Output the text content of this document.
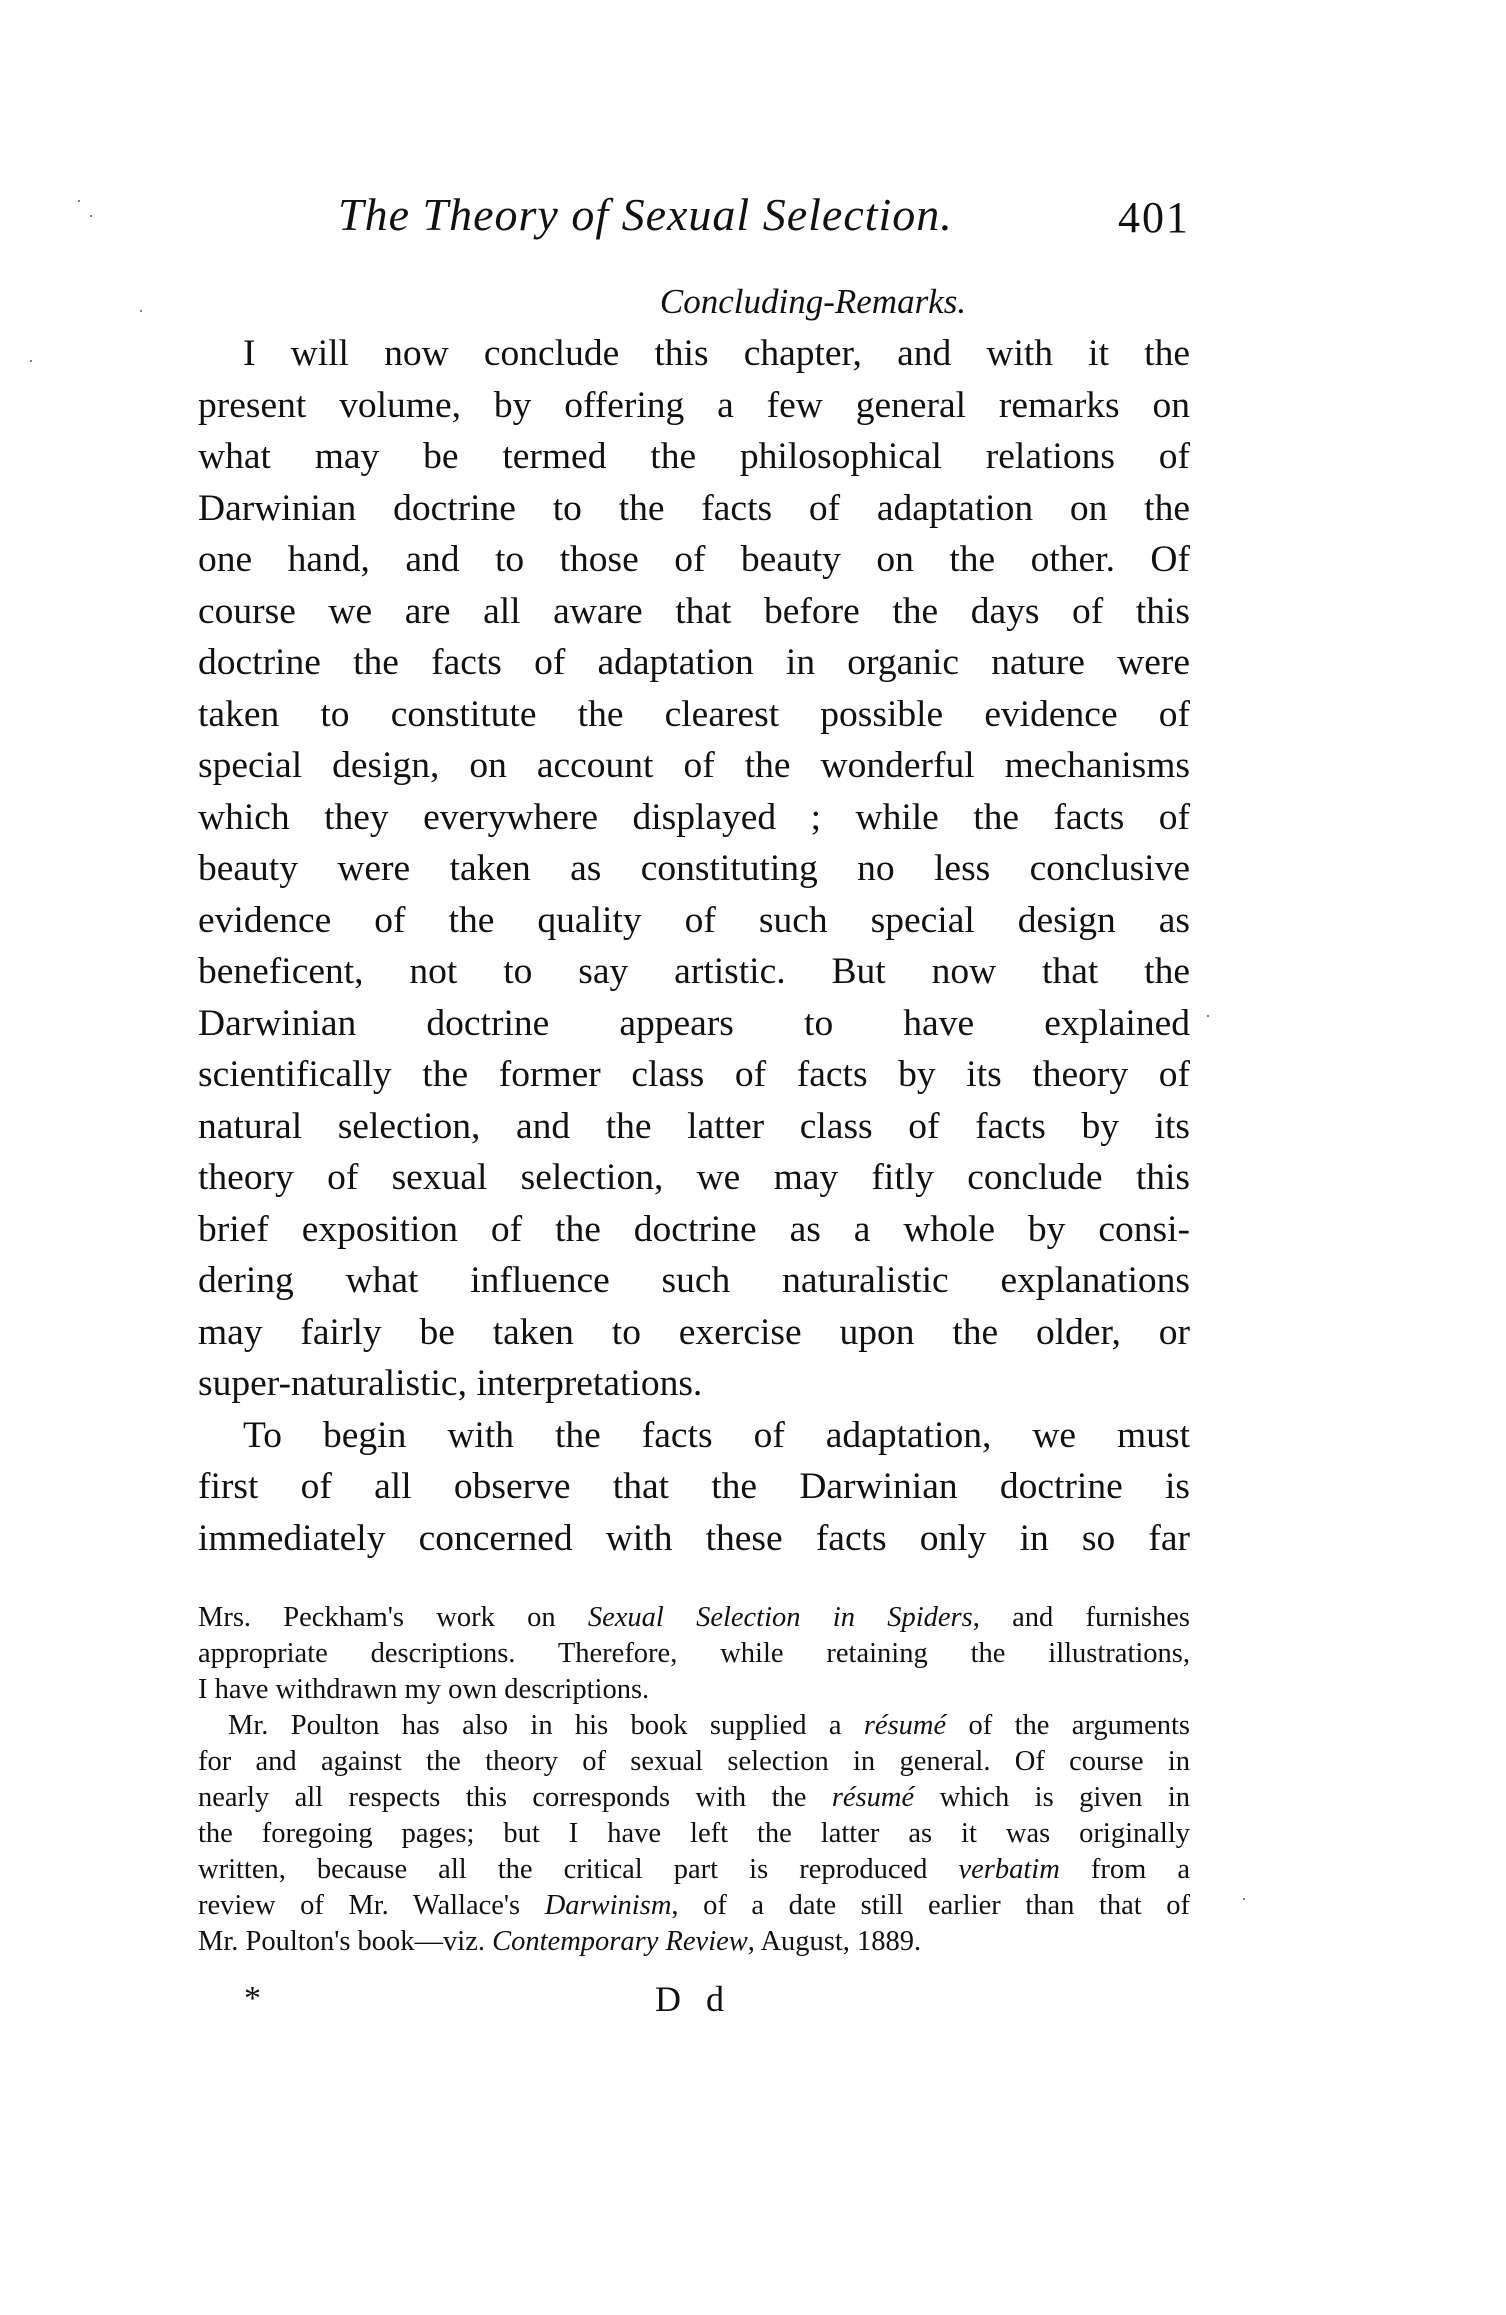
The Theory of Sexual Selection.	401
Concluding-Remarks.
I will now conclude this chapter, and with it the
present volume, by offering a few general remarks on
what may be termed the philosophical relations of
Darwinian doctrine to the facts of adaptation on the
one hand, and to those of beauty on the other. Of
course we are all aware that before the days of this
doctrine the facts of adaptation in organic nature were
taken to constitute the clearest possible evidence of
special design, on account of the wonderful mechanisms
which they everywhere displayed ; while the facts of
beauty were taken as constituting no less conclusive
evidence of the quality of such special design as
beneficent, not to say artistic. But now that the
Darwinian doctrine appears to have explained
scientifically the former class of facts by its theory of
natural selection, and the latter class of facts by its
theory of sexual selection, we may fitly conclude this
brief exposition of the doctrine as a whole by consi-
dering what influence such naturalistic explanations
may fairly be taken to exercise upon the older, or
super-naturalistic, interpretations.
To begin with the facts of adaptation, we must
first of all observe that the Darwinian doctrine is
immediately concerned with these facts only in so far
Mrs. Peckham's work on Sexual Selection in Spiders, and furnishes
appropriate descriptions. Therefore, while retaining the illustrations,
I have withdrawn my own descriptions.
Mr. Poulton has also in his book supplied a résumé of the arguments
for and against the theory of sexual selection in general. Of course in
nearly all respects this corresponds with the résumé which is given in
the foregoing pages; but I have left the latter as it was originally
written, because all the critical part is reproduced verbatim from a
review of Mr. Wallace's Darwinism, of a date still earlier than that of
Mr. Poulton's book—viz. Contemporary Review, August, 1889.
*	D d
